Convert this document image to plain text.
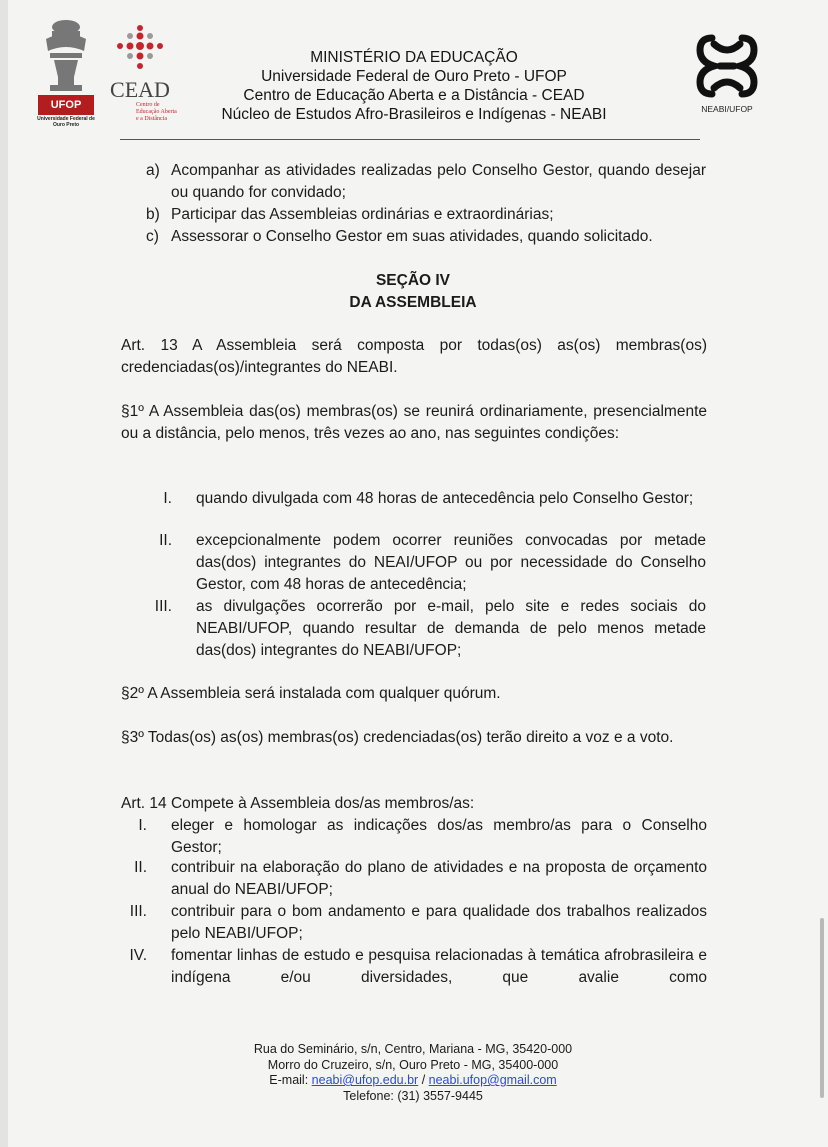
UFOP
Universidade Federal de Ouro Preto
CEAD
Centro de Educação Aberta e a Distância
MINISTÉRIO DA EDUCAÇÃO
Universidade Federal de Ouro Preto - UFOP
Centro de Educação Aberta e a Distância - CEAD
Núcleo de Estudos Afro-Brasileiros e Indígenas - NEABI	NEABI/UFOP
a) Acompanhar as atividades realizadas pelo Conselho Gestor, quando desejar ou quando for convidado;
b) Participar das Assembleias ordinárias e extraordinárias;
c) Assessorar o Conselho Gestor em suas atividades, quando solicitado.
SEÇÃO IV
DA ASSEMBLEIA
Art. 13 A Assembleia será composta por todas(os) as(os) membras(os) credenciadas(os)/integrantes do NEABI.
§1º A Assembleia das(os) membras(os) se reunirá ordinariamente, presencialmente ou a distância, pelo menos, três vezes ao ano, nas seguintes condições:
I. quando divulgada com 48 horas de antecedência pelo Conselho Gestor;
II. excepcionalmente podem ocorrer reuniões convocadas por metade das(dos) integrantes do NEAI/UFOP ou por necessidade do Conselho Gestor, com 48 horas de antecedência;
III. as divulgações ocorrerão por e-mail, pelo site e redes sociais do NEABI/UFOP, quando resultar de demanda de pelo menos metade das(dos) integrantes do NEABI/UFOP;
§2º A Assembleia será instalada com qualquer quórum.
§3º Todas(os) as(os) membras(os) credenciadas(os) terão direito a voz e a voto.
Art. 14 Compete à Assembleia dos/as membros/as:
I. eleger e homologar as indicações dos/as membro/as para o Conselho Gestor;
II. contribuir na elaboração do plano de atividades e na proposta de orçamento anual do NEABI/UFOP;
III. contribuir para o bom andamento e para qualidade dos trabalhos realizados pelo NEABI/UFOP;
IV. fomentar linhas de estudo e pesquisa relacionadas à temática afrobrasileira e indígena e/ou diversidades, que avalie como
Rua do Seminário, s/n, Centro, Mariana - MG, 35420-000
Morro do Cruzeiro, s/n, Ouro Preto - MG, 35400-000
E-mail: neabi@ufop.edu.br / neabi.ufop@gmail.com
Telefone: (31) 3557-9445
